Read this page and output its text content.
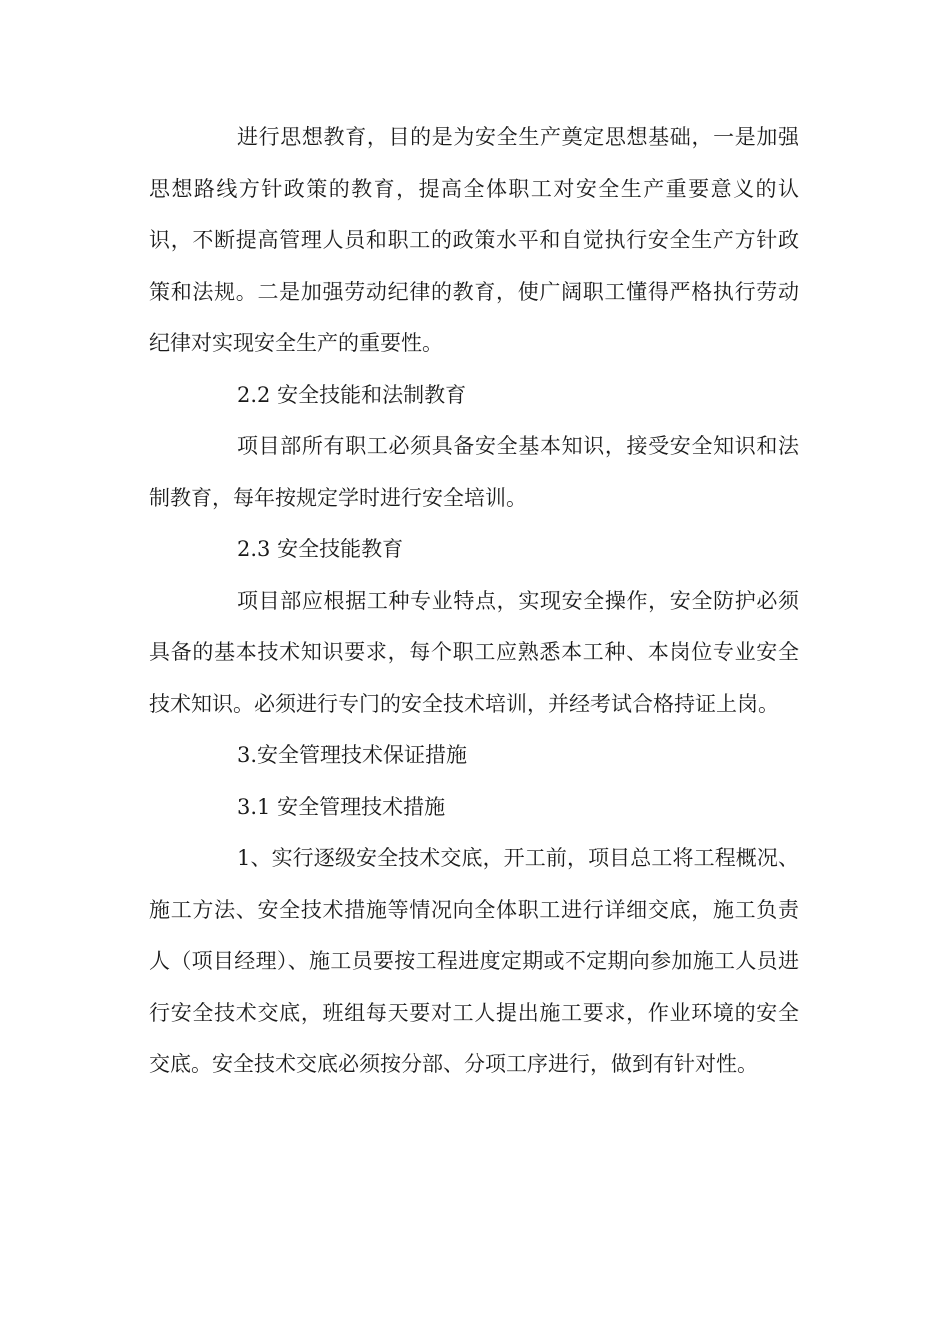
进行思想教育，目的是为安全生产奠定思想基础，一是加强思想路线方针政策的教育，提高全体职工对安全生产重要意义的认识，不断提高管理人员和职工的政策水平和自觉执行安全生产方针政策和法规。二是加强劳动纪律的教育，使广阔职工懂得严格执行劳动纪律对实现安全生产的重要性。

2.2 安全技能和法制教育

项目部所有职工必须具备安全基本知识，接受安全知识和法制教育，每年按规定学时进行安全培训。

2.3 安全技能教育

项目部应根据工种专业特点，实现安全操作，安全防护必须具备的基本技术知识要求，每个职工应熟悉本工种、本岗位专业安全技术知识。必须进行专门的安全技术培训，并经考试合格持证上岗。

3.安全管理技术保证措施

3.1 安全管理技术措施

1、实行逐级安全技术交底，开工前，项目总工将工程概况、施工方法、安全技术措施等情况向全体职工进行详细交底，施工负责人（项目经理）、施工员要按工程进度定期或不定期向参加施工人员进行安全技术交底，班组每天要对工人提出施工要求，作业环境的安全交底。安全技术交底必须按分部、分项工序进行，做到有针对性。
